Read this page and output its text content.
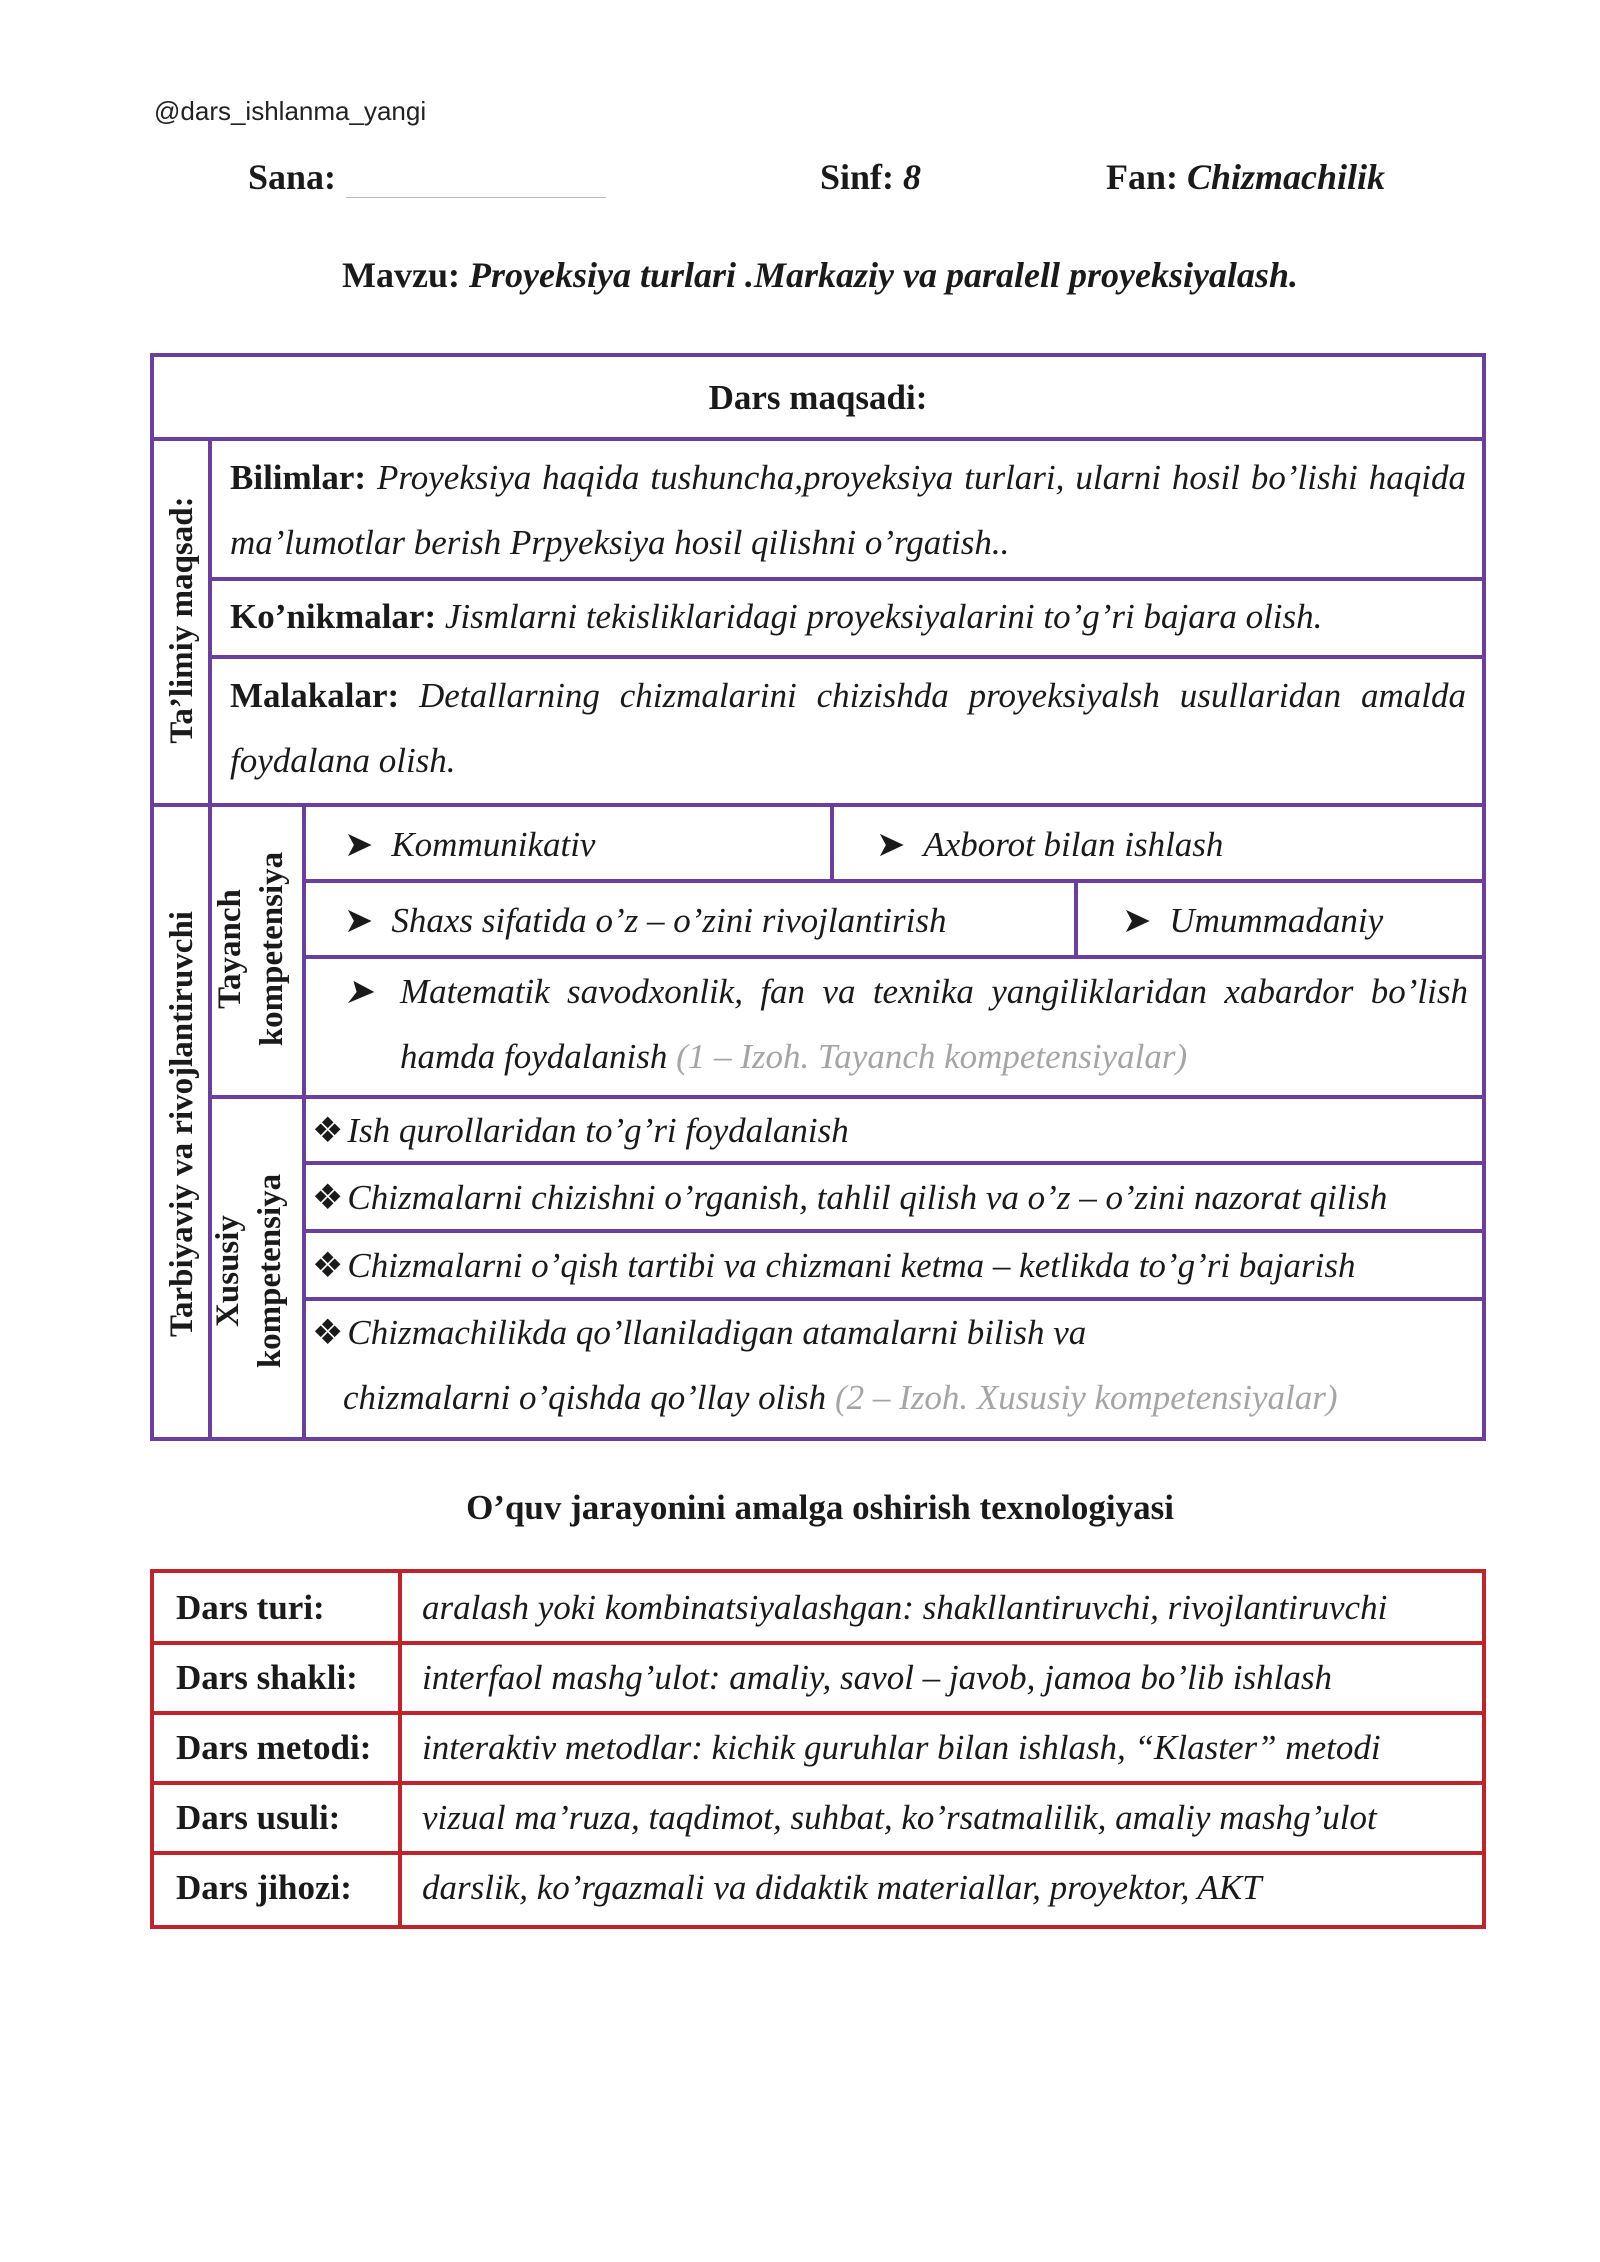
@dars_ishlanma_yangi
Sana:	Sinf: 8	Fan: Chizmachilik
Mavzu: Proyeksiya turlari .Markaziy va paralell proyeksiyalash.
Dars maqsadi:
Ta’limiy maqsad:
Bilimlar: Proyeksiya haqida tushuncha,proyeksiya turlari, ularni hosil bo’lishi haqida ma’lumotlar berish Prpyeksiya hosil qilishni o’rgatish..
Ko’nikmalar: Jismlarni tekisliklaridagi proyeksiyalarini to’g’ri bajara olish.
Malakalar: Detallarning chizmalarini chizishda proyeksiyalsh usullaridan amalda foydalana olish.
Tarbiyaviy va rivojlantiruvchi Tayanch kompetensiya
➤ Kommunikativ	➤ Axborot bilan ishlash
➤ Shaxs sifatida o’z – o’zini rivojlantirish	➤ Umummadaniy
➤ Matematik savodxonlik, fan va texnika yangiliklaridan xabardor bo’lish hamda foydalanish (1 – Izoh. Tayanch kompetensiyalar)
Xususiy kompetensiya
❖ Ish qurollaridan to’g’ri foydalanish
❖ Chizmalarni chizishni o’rganish, tahlil qilish va o’z – o’zini nazorat qilish
❖ Chizmalarni o’qish tartibi va chizmani ketma – ketlikda to’g’ri bajarish
❖ Chizmachilikda qo’llaniladigan atamalarni bilish va
chizmalarni o’qishda qo’llay olish (2 – Izoh. Xususiy kompetensiyalar)
O’quv jarayonini amalga oshirish texnologiyasi
Dars turi:	aralash yoki kombinatsiyalashgan: shakllantiruvchi, rivojlantiruvchi
Dars shakli: interfaol mashg’ulot: amaliy, savol – javob, jamoa bo’lib ishlash
Dars metodi: interaktiv metodlar: kichik guruhlar bilan ishlash, “Klaster” metodi
Dars usuli: vizual ma’ruza, taqdimot, suhbat, ko’rsatmalilik, amaliy mashg’ulot
Dars jihozi: darslik, ko’rgazmali va didaktik materiallar, proyektor, AKT
